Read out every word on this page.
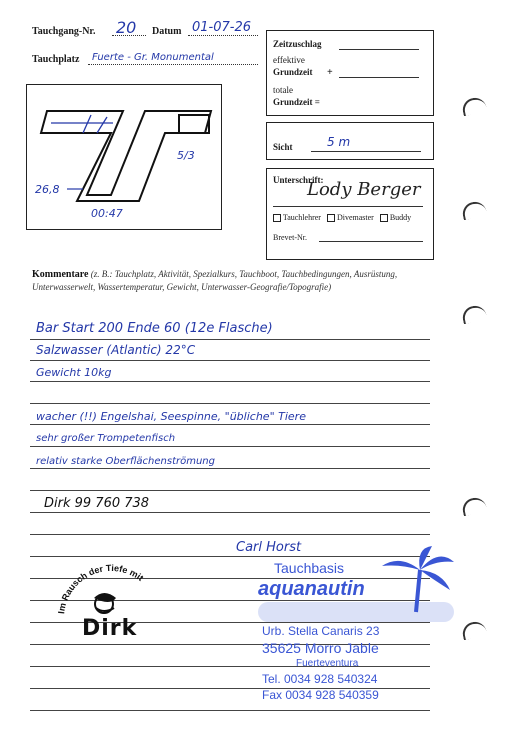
Tauchgang-Nr. 20 Datum 01-07-26
Tauchplatz Fuerte - Gr. Monumental
Zeitzuschlag
effektive
Grundzeit +
totale
Grundzeit =
26,8
00:47
5/3
Sicht	5 m
Unterschrift:
Lody Berger
Tauchlehrer Divemaster Buddy
Brevet-Nr.
Kommentare (z. B.: Tauchplatz, Aktivität, Spezialkurs, Tauchboot, Tauchbedingungen, Ausrüstung, Unterwasserwelt, Wassertemperatur, Gewicht, Unterwasser-Geografie/Topografie)
Bar Start 200 Ende 60 (12e Flasche)
Salzwasser (Atlantic) 22°C
Gewicht 10kg
wacher (!!) Engelshai, Seespinne, "übliche" Tiere
sehr großer Trompetenfisch
relativ starke Oberflächenströmung
Dirk 99 760 738
Im Rausch der Tiefe mit
Dirk
Carl Horst
Tauchbasis
aquanautin
Urb. Stella Canaris 23
35625 Morro Jable
Fuerteventura
Tel. 0034 928 540324
Fax 0034 928 540359
